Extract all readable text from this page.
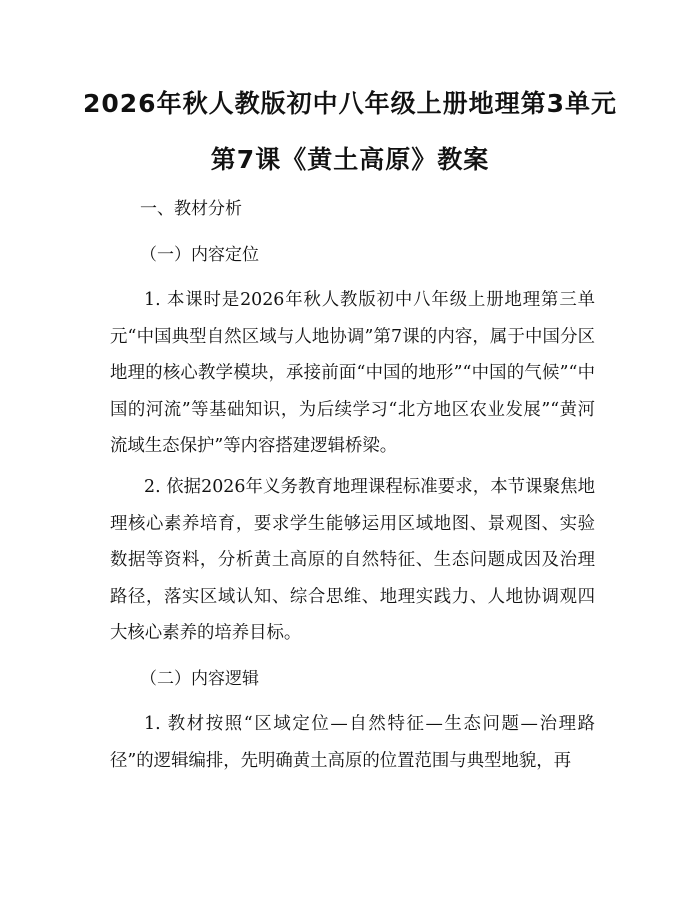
2026年秋人教版初中八年级上册地理第3单元第7课《黄土高原》教案

一、教材分析

（一）内容定位

1. 本课时是2026年秋人教版初中八年级上册地理第三单元“中国典型自然区域与人地协调”第7课的内容，属于中国分区地理的核心教学模块，承接前面“中国的地形”“中国的气候”“中国的河流”等基础知识，为后续学习“北方地区农业发展”“黄河流域生态保护”等内容搭建逻辑桥梁。

2. 依据2026年义务教育地理课程标准要求，本节课聚焦地理核心素养培育，要求学生能够运用区域地图、景观图、实验数据等资料，分析黄土高原的自然特征、生态问题成因及治理路径，落实区域认知、综合思维、地理实践力、人地协调观四大核心素养的培养目标。

（二）内容逻辑

1. 教材按照“区域定位—自然特征—生态问题—治理路径”的逻辑编排，先明确黄土高原的位置范围与典型地貌，再
